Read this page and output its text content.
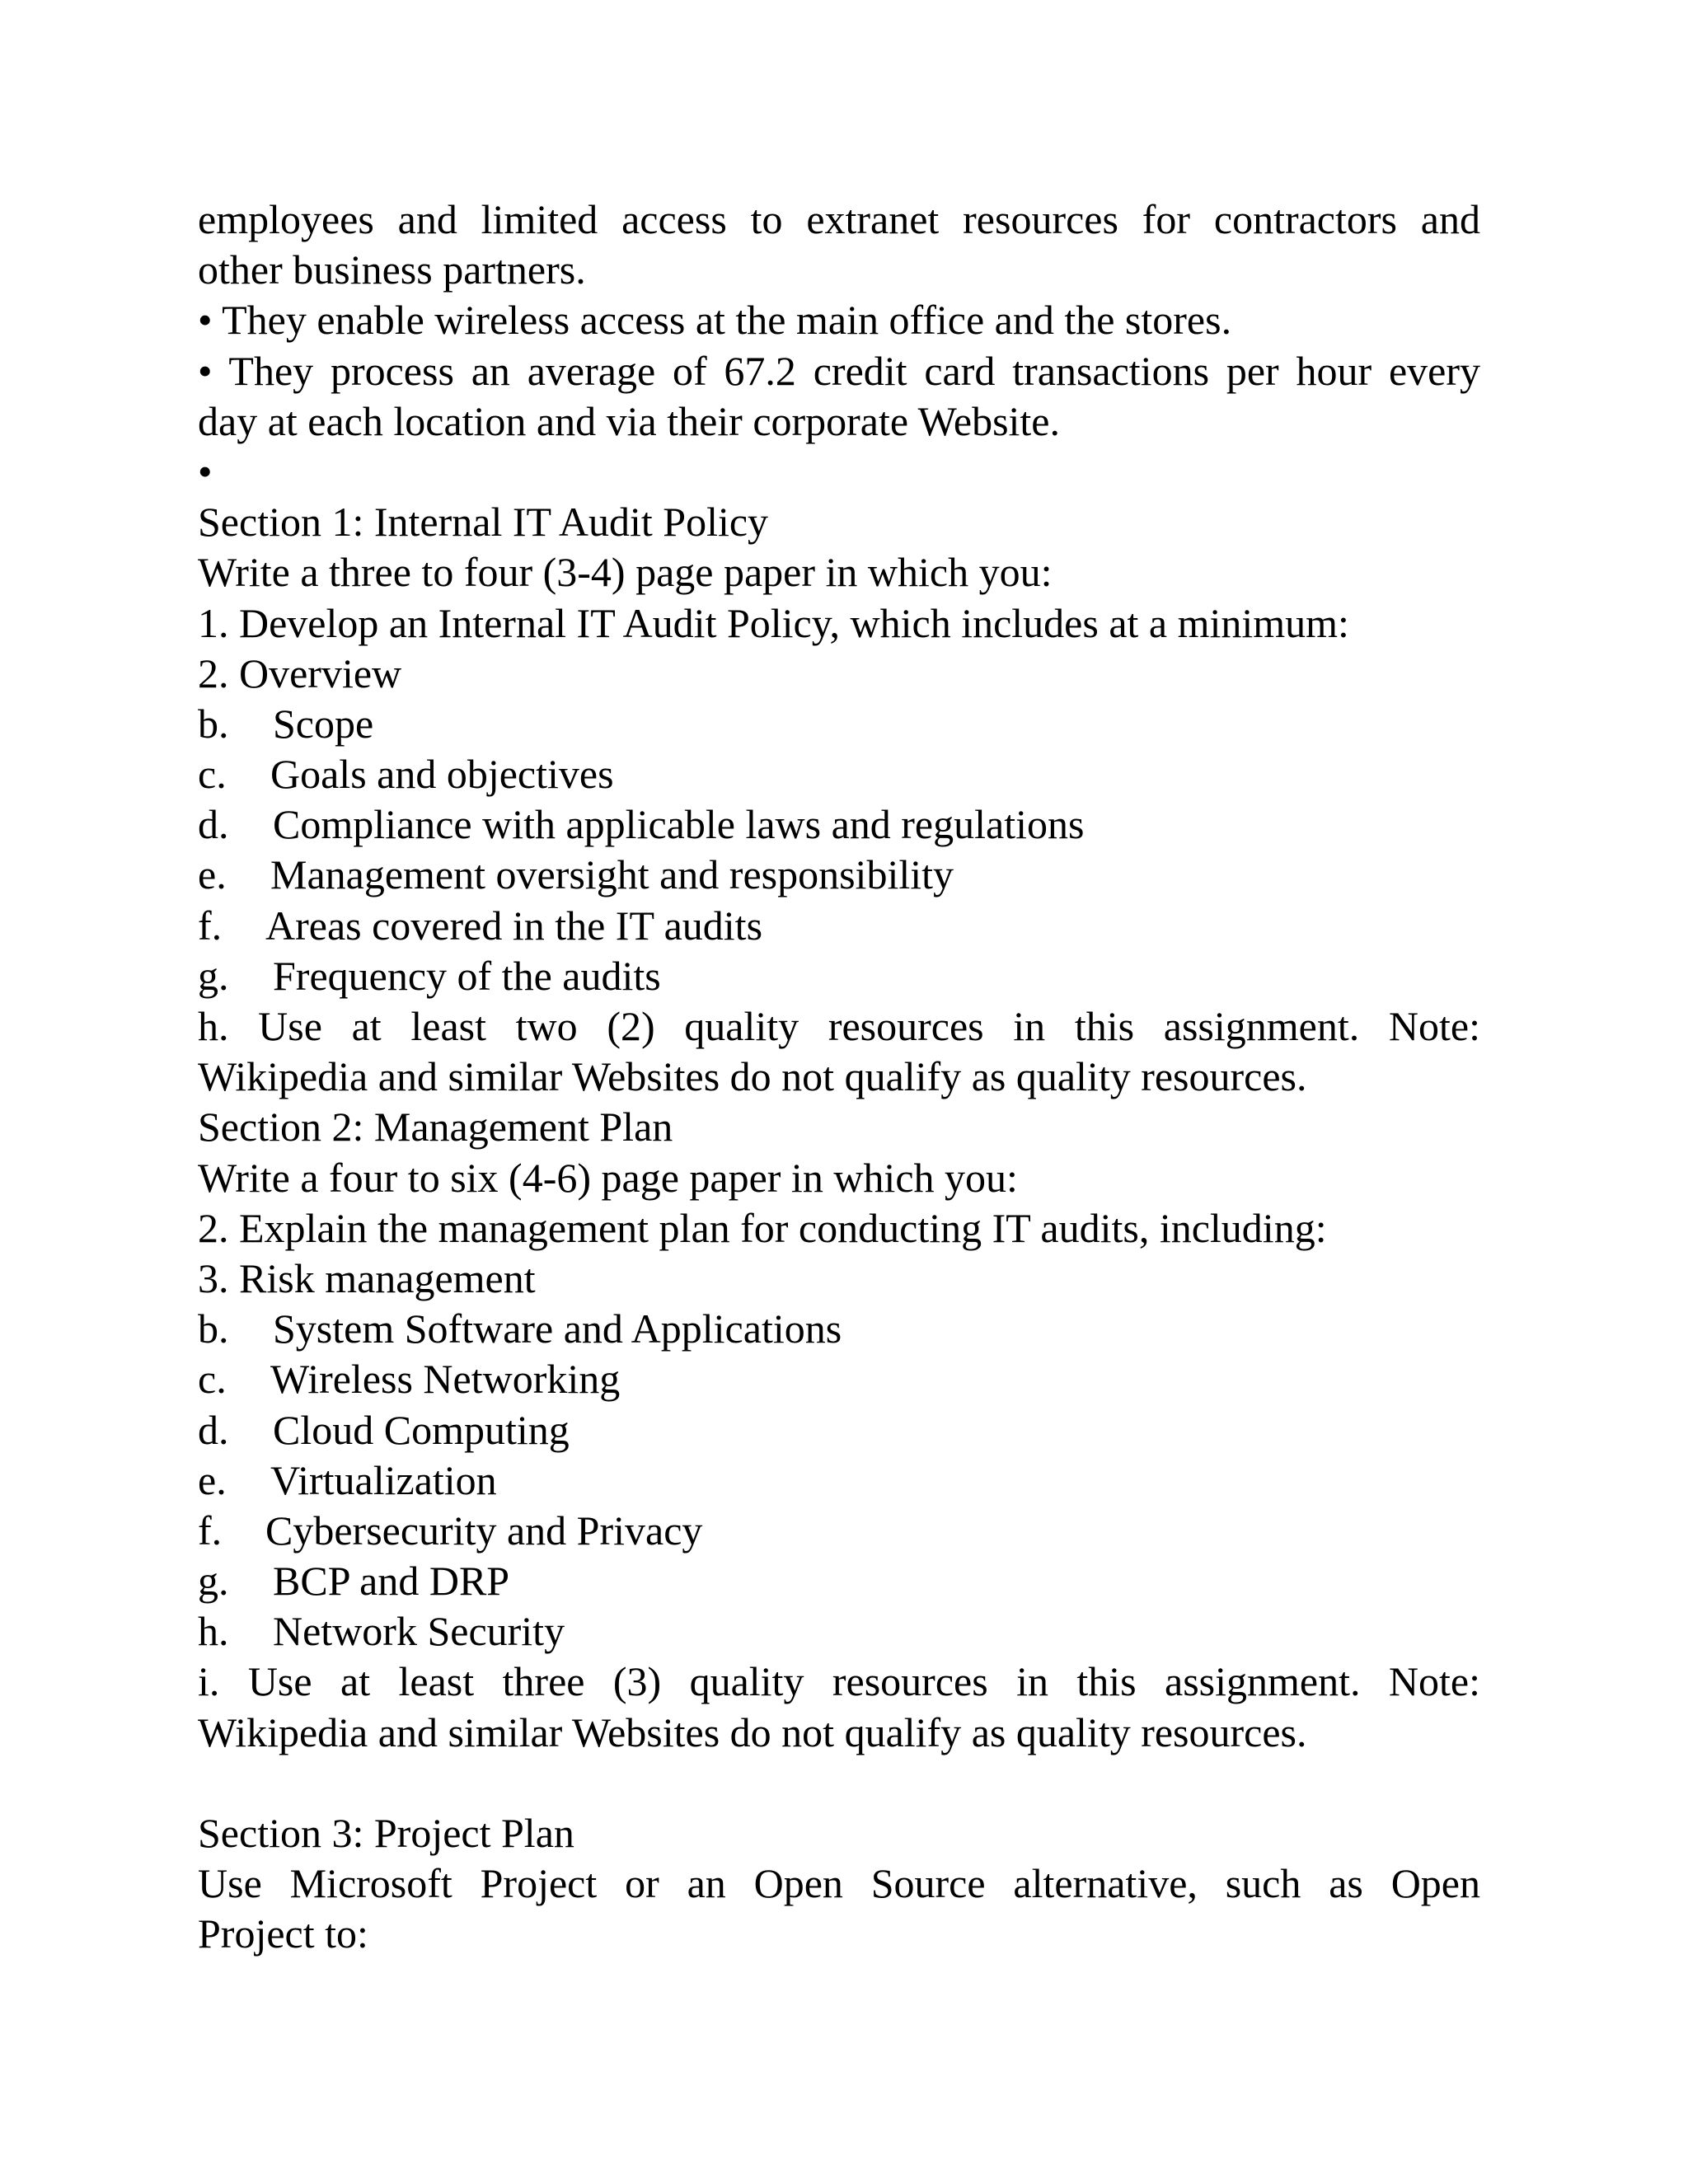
employees and limited access to extranet resources for contractors and
other business partners.
• They enable wireless access at the main office and the stores.
• They process an average of 67.2 credit card transactions per hour every
day at each location and via their corporate Website.
•
Section 1: Internal IT Audit Policy
Write a three to four (3-4) page paper in which you:
1. Develop an Internal IT Audit Policy, which includes at a minimum:
2. Overview
b. Scope
c. Goals and objectives
d. Compliance with applicable laws and regulations
e. Management oversight and responsibility
f. Areas covered in the IT audits
g. Frequency of the audits
h. Use at least two (2) quality resources in this assignment. Note:
Wikipedia and similar Websites do not qualify as quality resources.
Section 2: Management Plan
Write a four to six (4-6) page paper in which you:
2. Explain the management plan for conducting IT audits, including:
3. Risk management
b. System Software and Applications
c. Wireless Networking
d. Cloud Computing
e. Virtualization
f. Cybersecurity and Privacy
g. BCP and DRP
h. Network Security
i. Use at least three (3) quality resources in this assignment. Note:
Wikipedia and similar Websites do not qualify as quality resources.
Section 3: Project Plan
Use Microsoft Project or an Open Source alternative, such as Open
Project to:
